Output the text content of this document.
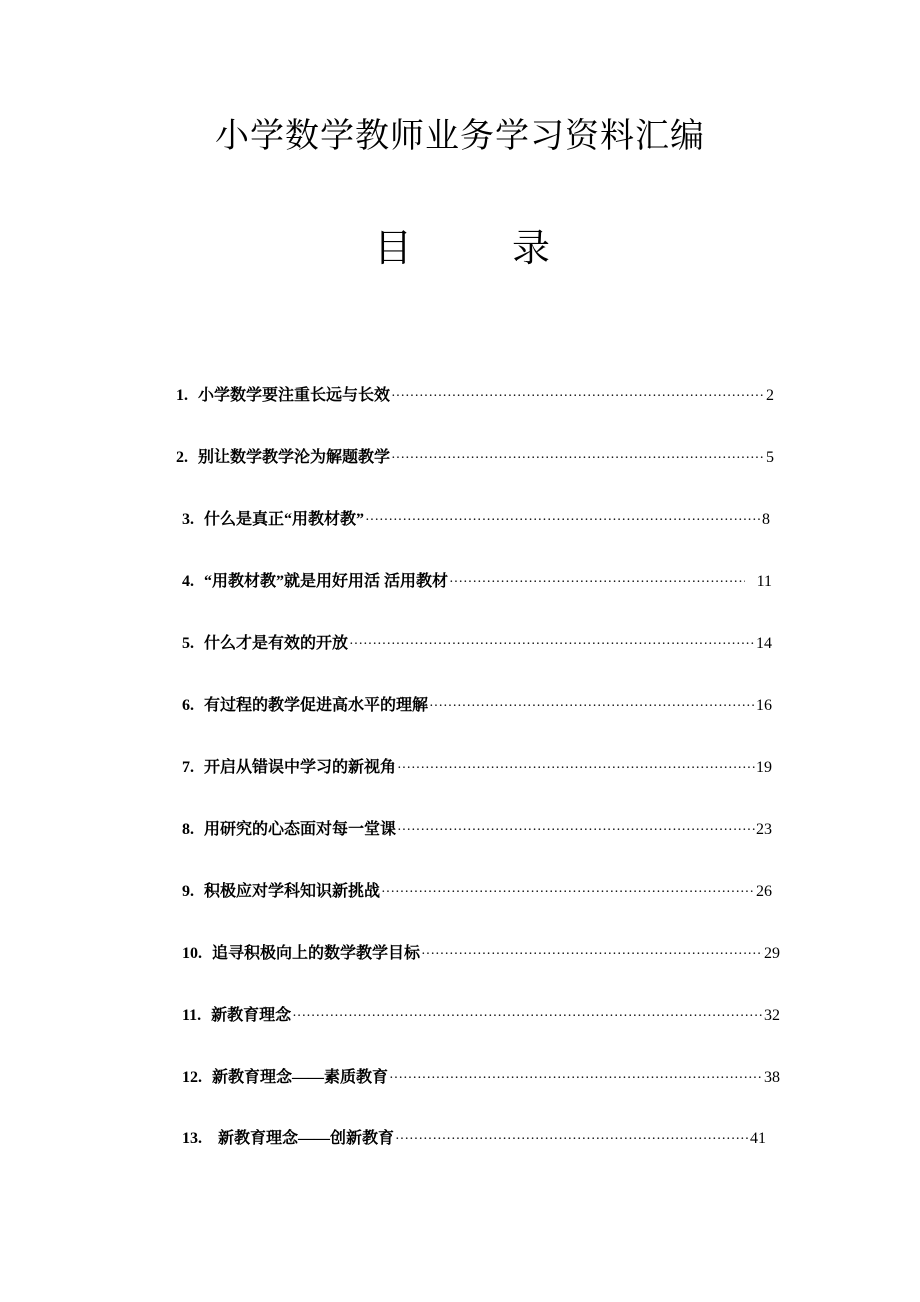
小学数学教师业务学习资料汇编
目	录
1. 小学数学要注重长远与长效 ·····	2
2. 别让数学教学沦为解题教学 ·····	5
3. 什么是真正“用教材教” ·····	8
4. “用教材教”就是用好用活 活用教材 ·····	11
5. 什么才是有效的开放 ·····	14
6. 有过程的教学促进高水平的理解 ·····	16
7. 开启从错误中学习的新视角 ·····	19
8. 用研究的心态面对每一堂课 ·····	23
9. 积极应对学科知识新挑战 ·····	26
10. 追寻积极向上的数学教学目标 ·····	29
11. 新教育理念 ·····	32
12. 新教育理念——素质教育 ·····	38
13. 新教育理念——创新教育 ·····	41
